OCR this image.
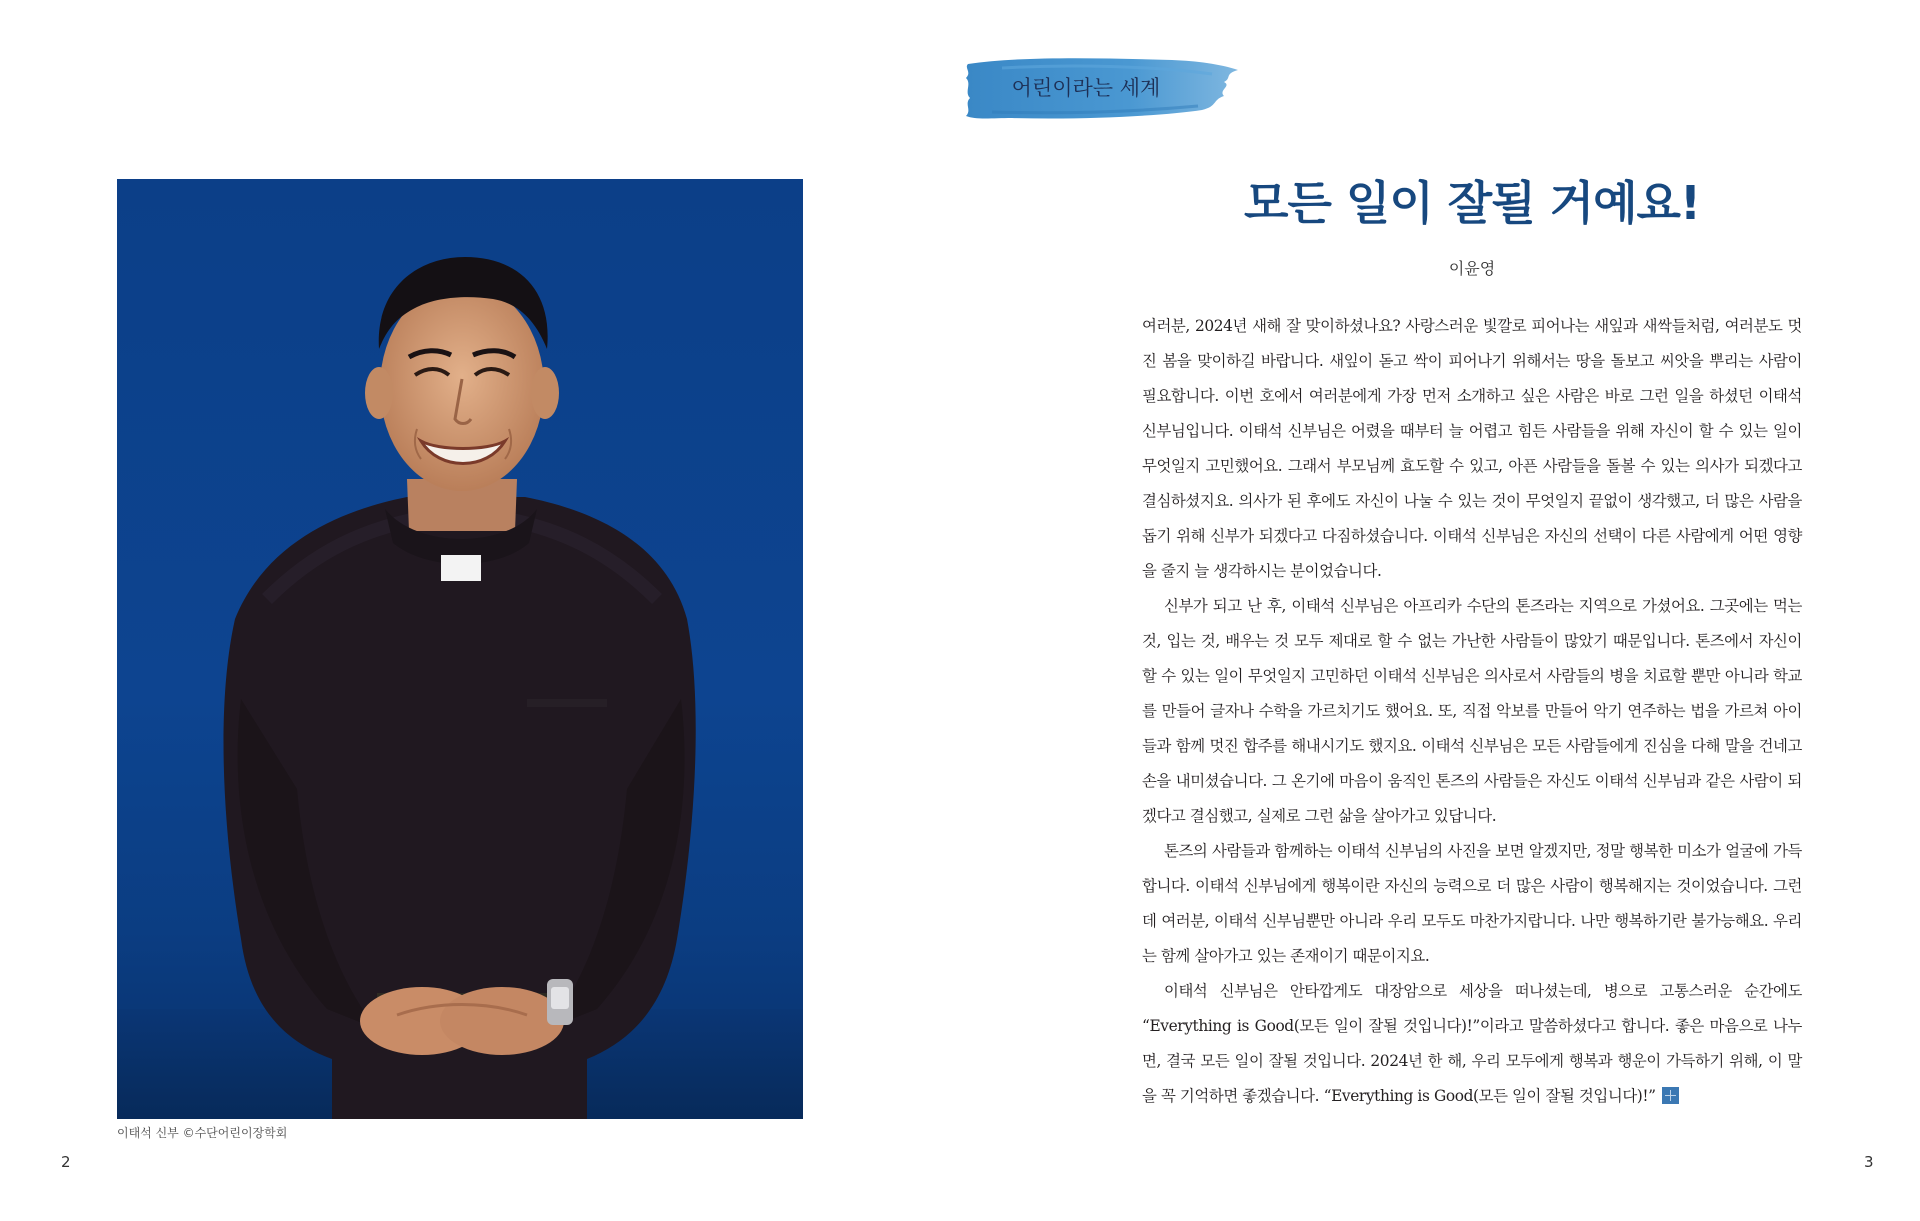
어린이라는 세계
이태석 신부 ©수단어린이장학회
2
모든 일이 잘될 거예요!
이윤영

여러분, 2024년 새해 잘 맞이하셨나요? 사랑스러운 빛깔로 피어나는 새잎과 새싹들처럼, 여러분도 멋진 봄을 맞이하길 바랍니다. 새잎이 돋고 싹이 피어나기 위해서는 땅을 돌보고 씨앗을 뿌리는 사람이 필요합니다. 이번 호에서 여러분에게 가장 먼저 소개하고 싶은 사람은 바로 그런 일을 하셨던 이태석 신부님입니다. 이태석 신부님은 어렸을 때부터 늘 어렵고 힘든 사람들을 위해 자신이 할 수 있는 일이 무엇일지 고민했어요. 그래서 부모님께 효도할 수 있고, 아픈 사람들을 돌볼 수 있는 의사가 되겠다고 결심하셨지요. 의사가 된 후에도 자신이 나눌 수 있는 것이 무엇일지 끝없이 생각했고, 더 많은 사람을 돕기 위해 신부가 되겠다고 다짐하셨습니다. 이태석 신부님은 자신의 선택이 다른 사람에게 어떤 영향을 줄지 늘 생각하시는 분이었습니다.

신부가 되고 난 후, 이태석 신부님은 아프리카 수단의 톤즈라는 지역으로 가셨어요. 그곳에는 먹는 것, 입는 것, 배우는 것 모두 제대로 할 수 없는 가난한 사람들이 많았기 때문입니다. 톤즈에서 자신이 할 수 있는 일이 무엇일지 고민하던 이태석 신부님은 의사로서 사람들의 병을 치료할 뿐만 아니라 학교를 만들어 글자나 수학을 가르치기도 했어요. 또, 직접 악보를 만들어 악기 연주하는 법을 가르쳐 아이들과 함께 멋진 합주를 해내시기도 했지요. 이태석 신부님은 모든 사람들에게 진심을 다해 말을 건네고 손을 내미셨습니다. 그 온기에 마음이 움직인 톤즈의 사람들은 자신도 이태석 신부님과 같은 사람이 되겠다고 결심했고, 실제로 그런 삶을 살아가고 있답니다.

톤즈의 사람들과 함께하는 이태석 신부님의 사진을 보면 알겠지만, 정말 행복한 미소가 얼굴에 가득합니다. 이태석 신부님에게 행복이란 자신의 능력으로 더 많은 사람이 행복해지는 것이었습니다. 그런데 여러분, 이태석 신부님뿐만 아니라 우리 모두도 마찬가지랍니다. 나만 행복하기란 불가능해요. 우리는 함께 살아가고 있는 존재이기 때문이지요.

이태석 신부님은 안타깝게도 대장암으로 세상을 떠나셨는데, 병으로 고통스러운 순간에도 “Everything is Good(모든 일이 잘될 것입니다)!”이라고 말씀하셨다고 합니다. 좋은 마음으로 나누면, 결국 모든 일이 잘될 것입니다. 2024년 한 해, 우리 모두에게 행복과 행운이 가득하기 위해, 이 말을 꼭 기억하면 좋겠습니다. “Everything is Good(모든 일이 잘될 것입니다)!”

3
